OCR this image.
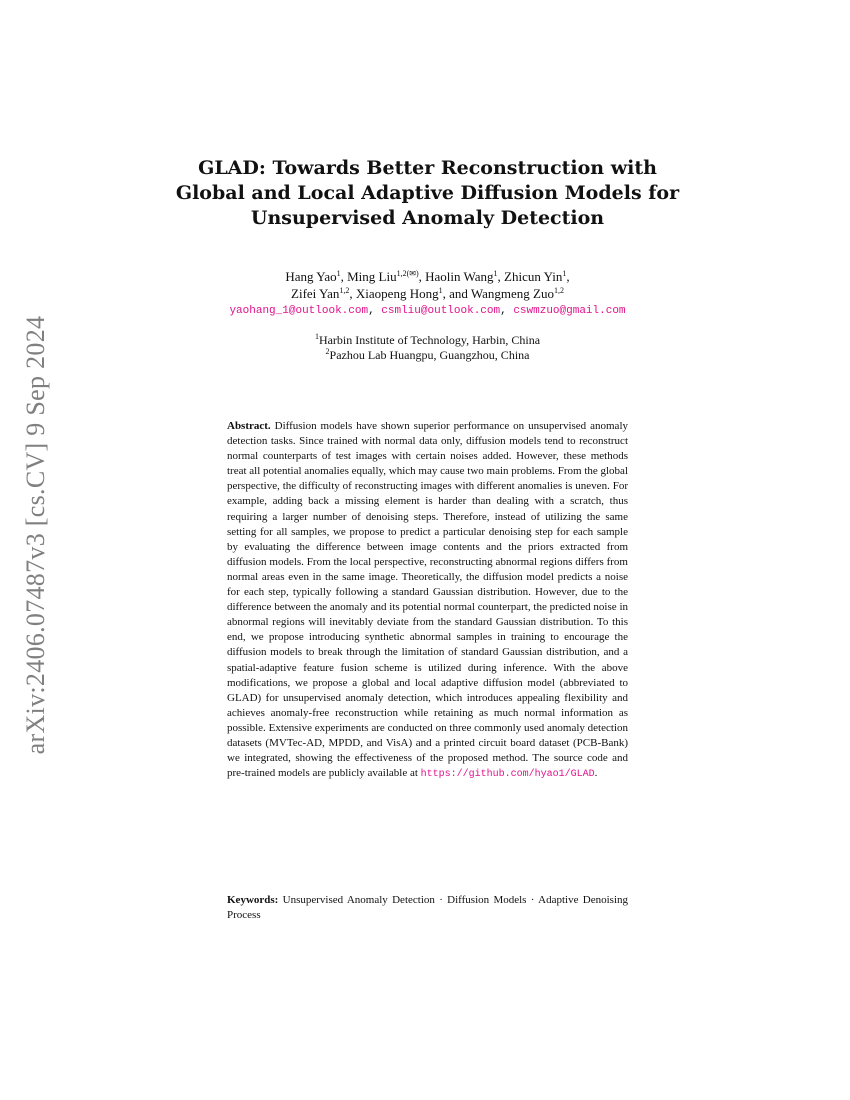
arXiv:2406.07487v3 [cs.CV] 9 Sep 2024
GLAD: Towards Better Reconstruction with
Global and Local Adaptive Diffusion Models for
Unsupervised Anomaly Detection
Hang Yao$^1$, Ming Liu$^{1,2(✉)}$, Haolin Wang$^1$, Zhicun Yin$^1$,
Zifei Yan$^{1,2}$, Xiaopeng Hong$^1$, and Wangmeng Zuo$^{1,2}$
yaohang_1@outlook.com, csmliu@outlook.com, cswmzuo@gmail.com
$^1$Harbin Institute of Technology, Harbin, China
$^2$Pazhou Lab Huangpu, Guangzhou, China
Abstract. Diffusion models have shown superior performance on unsupervised anomaly detection tasks. Since trained with normal data only, diffusion models tend to reconstruct normal counterparts of test images with certain noises added. However, these methods treat all potential anomalies equally, which may cause two main problems. From the global perspective, the difficulty of reconstructing images with different anomalies is uneven. For example, adding back a missing element is harder than dealing with a scratch, thus requiring a larger number of denoising steps. Therefore, instead of utilizing the same setting for all samples, we propose to predict a particular denoising step for each sample by evaluating the difference between image contents and the priors extracted from diffusion models. From the local perspective, reconstructing abnormal regions differs from normal areas even in the same image. Theoretically, the diffusion model predicts a noise for each step, typically following a standard Gaussian distribution. However, due to the difference between the anomaly and its potential normal counterpart, the predicted noise in abnormal regions will inevitably deviate from the standard Gaussian distribution. To this end, we propose introducing synthetic abnormal samples in training to encourage the diffusion models to break through the limitation of standard Gaussian distribution, and a spatial-adaptive feature fusion scheme is utilized during inference. With the above modifications, we propose a global and local adaptive diffusion model (abbreviated to GLAD) for unsupervised anomaly detection, which introduces appealing flexibility and achieves anomaly-free reconstruction while retaining as much normal information as possible. Extensive experiments are conducted on three commonly used anomaly detection datasets (MVTec-AD, MPDD, and VisA) and a printed circuit board dataset (PCB-Bank) we integrated, showing the effectiveness of the proposed method. The source code and pre-trained models are publicly available at https://github.com/hyao1/GLAD.
Keywords: Unsupervised Anomaly Detection · Diffusion Models · Adaptive Denoising Process
